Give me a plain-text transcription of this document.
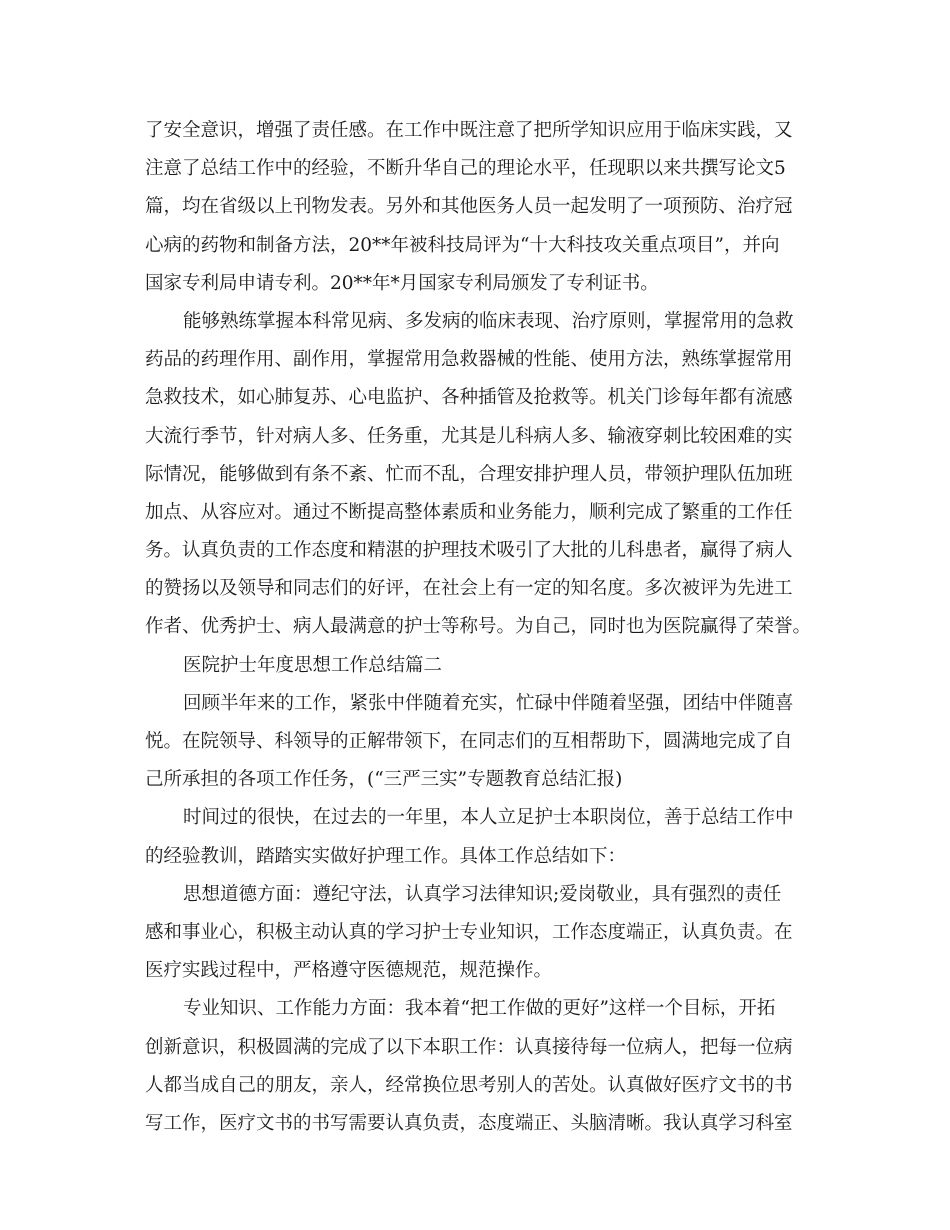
了安全意识，增强了责任感。在工作中既注意了把所学知识应用于临床实践，又
注意了总结工作中的经验，不断升华自己的理论水平，任现职以来共撰写论文5
篇，均在省级以上刊物发表。另外和其他医务人员一起发明了一项预防、治疗冠
心病的药物和制备方法，20**年被科技局评为“十大科技攻关重点项目”，并向
国家专利局申请专利。20**年*月国家专利局颁发了专利证书。
能够熟练掌握本科常见病、多发病的临床表现、治疗原则，掌握常用的急救
药品的药理作用、副作用，掌握常用急救器械的性能、使用方法，熟练掌握常用
急救技术，如心肺复苏、心电监护、各种插管及抢救等。机关门诊每年都有流感
大流行季节，针对病人多、任务重，尤其是儿科病人多、输液穿刺比较困难的实
际情况，能够做到有条不紊、忙而不乱，合理安排护理人员，带领护理队伍加班
加点、从容应对。通过不断提高整体素质和业务能力，顺利完成了繁重的工作任
务。认真负责的工作态度和精湛的护理技术吸引了大批的儿科患者，赢得了病人
的赞扬以及领导和同志们的好评，在社会上有一定的知名度。多次被评为先进工
作者、优秀护士、病人最满意的护士等称号。为自己，同时也为医院赢得了荣誉。
医院护士年度思想工作总结篇二
回顾半年来的工作，紧张中伴随着充实，忙碌中伴随着坚强，团结中伴随喜
悦。在院领导、科领导的正解带领下，在同志们的互相帮助下，圆满地完成了自
己所承担的各项工作任务，(“三严三实”专题教育总结汇报)
时间过的很快，在过去的一年里，本人立足护士本职岗位，善于总结工作中
的经验教训，踏踏实实做好护理工作。具体工作总结如下：
思想道德方面：遵纪守法，认真学习法律知识;爱岗敬业，具有强烈的责任
感和事业心，积极主动认真的学习护士专业知识，工作态度端正，认真负责。在
医疗实践过程中，严格遵守医德规范，规范操作。
专业知识、工作能力方面：我本着“把工作做的更好”这样一个目标，开拓
创新意识，积极圆满的完成了以下本职工作：认真接待每一位病人，把每一位病
人都当成自己的朋友，亲人，经常换位思考别人的苦处。认真做好医疗文书的书
写工作，医疗文书的书写需要认真负责，态度端正、头脑清晰。我认真学习科室
